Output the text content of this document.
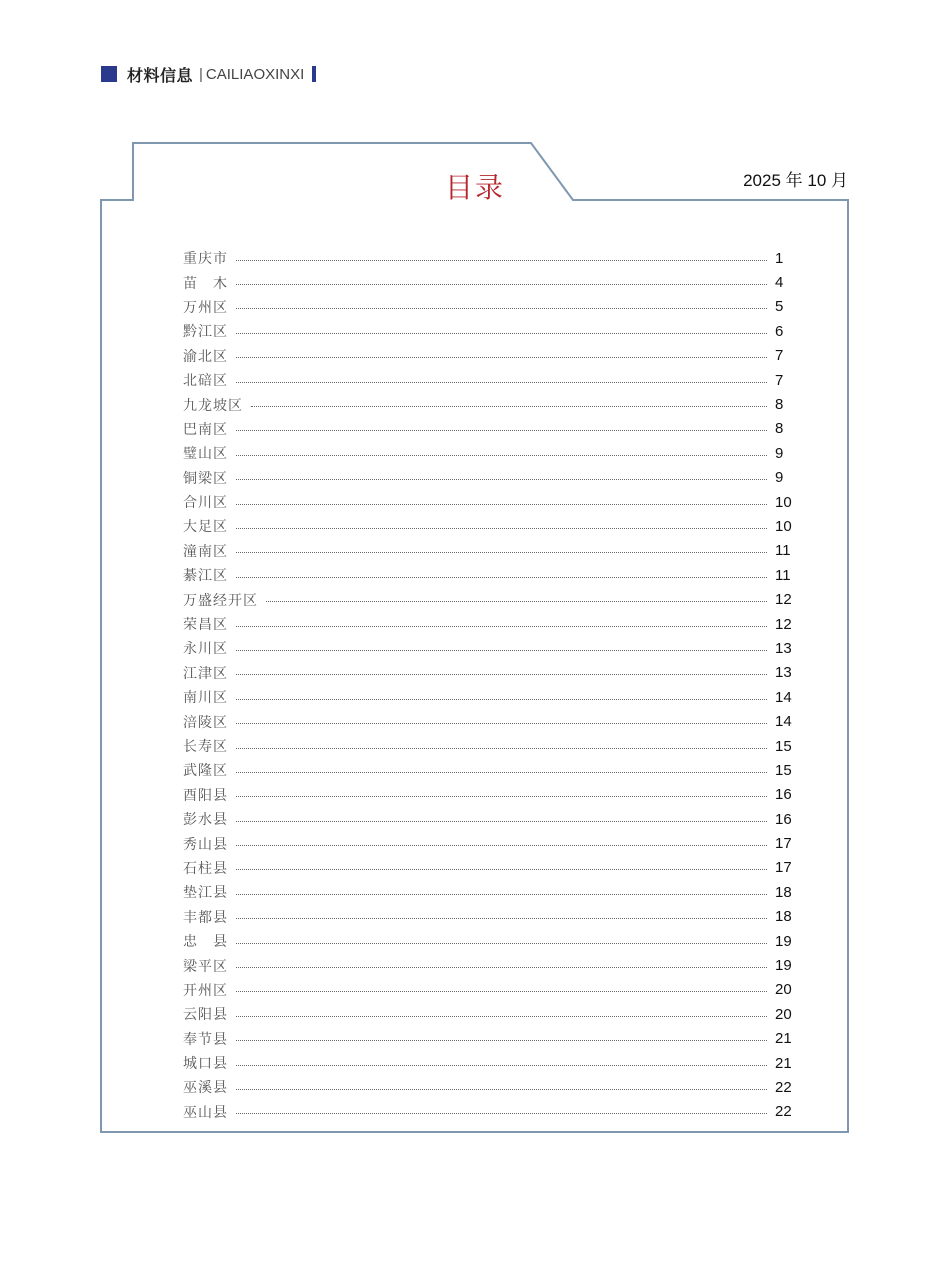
材料信息 | CAILIAOXINXI
目录	2025 年 10 月
重庆市	1
苗　木	4
万州区	5
黔江区	6
渝北区	7
北碚区	7
九龙坡区	8
巴南区	8
璧山区	9
铜梁区	9
合川区	10
大足区	10
潼南区	11
綦江区	11
万盛经开区	12
荣昌区	12
永川区	13
江津区	13
南川区	14
涪陵区	14
长寿区	15
武隆区	15
酉阳县	16
彭水县	16
秀山县	17
石柱县	17
垫江县	18
丰都县	18
忠　县	19
梁平区	19
开州区	20
云阳县	20
奉节县	21
城口县	21
巫溪县	22
巫山县	22
